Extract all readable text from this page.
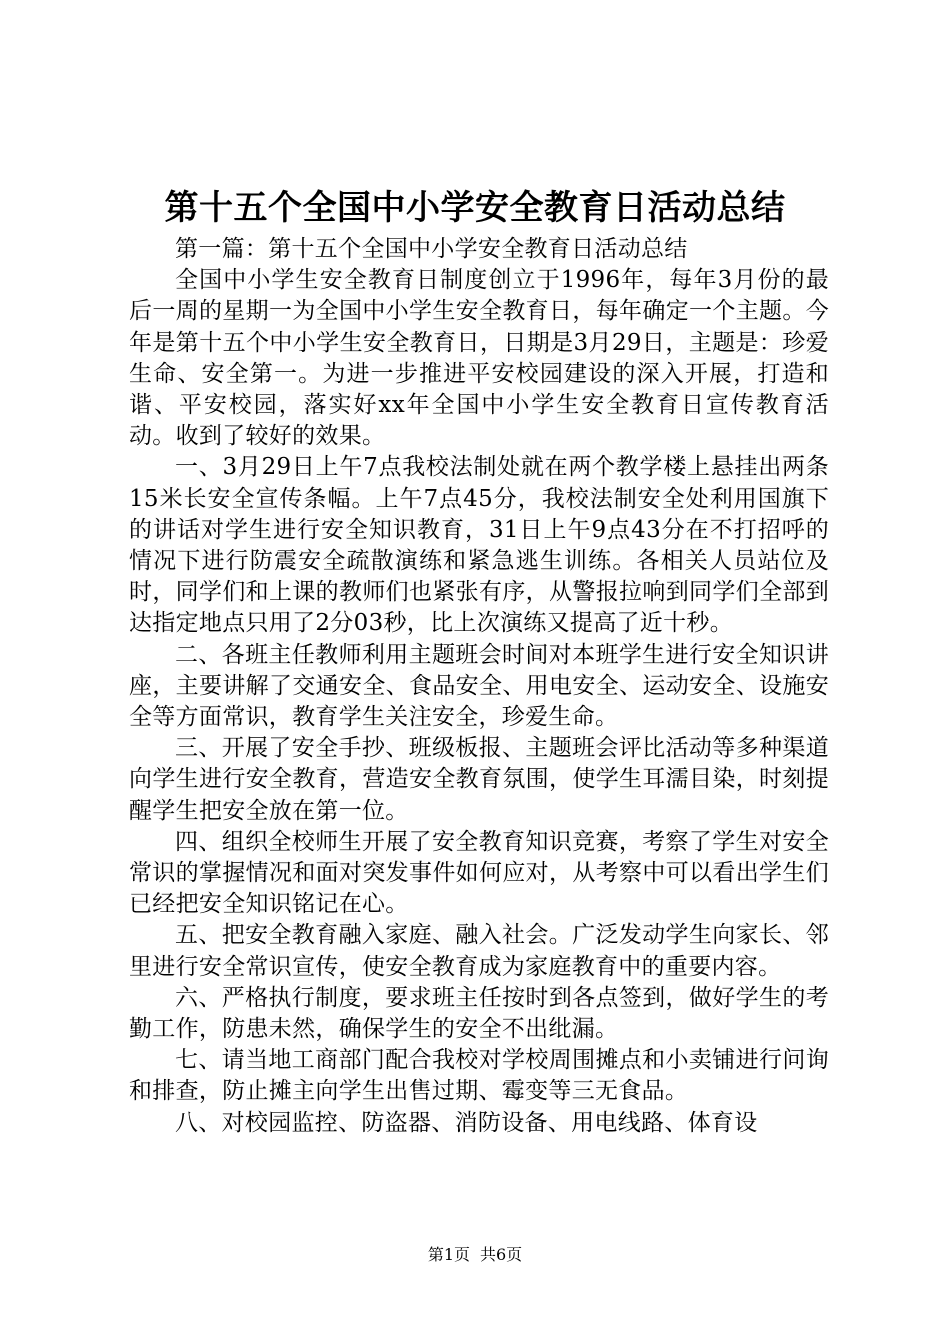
第十五个全国中小学安全教育日活动总结

第一篇：第十五个全国中小学安全教育日活动总结

全国中小学生安全教育日制度创立于1996年，每年3月份的最后一周的星期一为全国中小学生安全教育日，每年确定一个主题。今年是第十五个中小学生安全教育日，日期是3月29日，主题是：珍爱生命、安全第一。为进一步推进平安校园建设的深入开展，打造和谐、平安校园，落实好xx年全国中小学生安全教育日宣传教育活动。收到了较好的效果。

一、3月29日上午7点我校法制处就在两个教学楼上悬挂出两条15米长安全宣传条幅。上午7点45分，我校法制安全处利用国旗下的讲话对学生进行安全知识教育，31日上午9点43分在不打招呼的情况下进行防震安全疏散演练和紧急逃生训练。各相关人员站位及时，同学们和上课的教师们也紧张有序，从警报拉响到同学们全部到达指定地点只用了2分03秒，比上次演练又提高了近十秒。

二、各班主任教师利用主题班会时间对本班学生进行安全知识讲座，主要讲解了交通安全、食品安全、用电安全、运动安全、设施安全等方面常识，教育学生关注安全，珍爱生命。

三、开展了安全手抄、班级板报、主题班会评比活动等多种渠道向学生进行安全教育，营造安全教育氛围，使学生耳濡目染，时刻提醒学生把安全放在第一位。

四、组织全校师生开展了安全教育知识竞赛，考察了学生对安全常识的掌握情况和面对突发事件如何应对，从考察中可以看出学生们已经把安全知识铭记在心。

五、把安全教育融入家庭、融入社会。广泛发动学生向家长、邻里进行安全常识宣传，使安全教育成为家庭教育中的重要内容。

六、严格执行制度，要求班主任按时到各点签到，做好学生的考勤工作，防患未然，确保学生的安全不出纰漏。

七、请当地工商部门配合我校对学校周围摊点和小卖铺进行问询和排查，防止摊主向学生出售过期、霉变等三无食品。

八、对校园监控、防盗器、消防设备、用电线路、体育设

第1页 共6页
